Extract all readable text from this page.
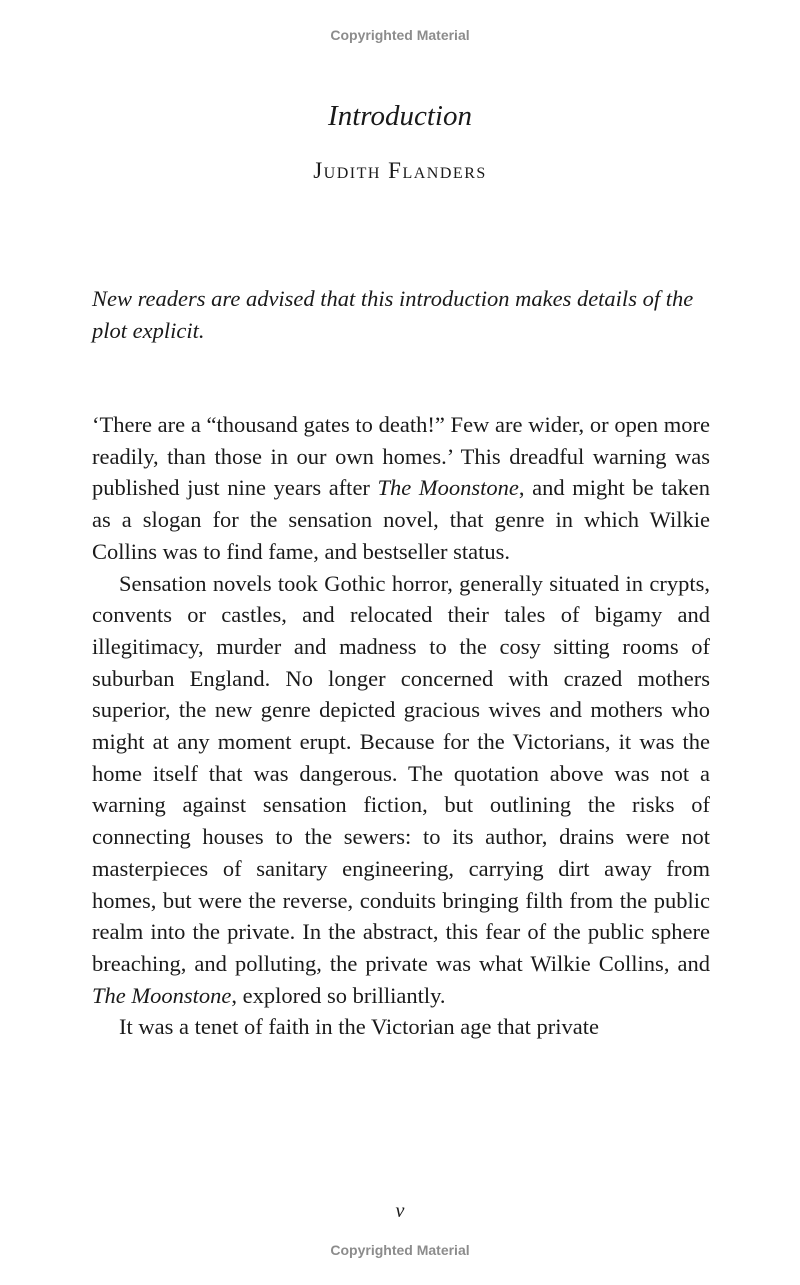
Copyrighted Material
Introduction
Judith Flanders

New readers are advised that this introduction makes details of the plot explicit.

‘There are a “thousand gates to death!” Few are wider, or open more readily, than those in our own homes.’ This dreadful warning was published just nine years after The Moonstone, and might be taken as a slogan for the sensation novel, that genre in which Wilkie Collins was to find fame, and bestseller status.

Sensation novels took Gothic horror, generally situated in crypts, convents or castles, and relocated their tales of bigamy and illegitimacy, murder and madness to the cosy sitting rooms of suburban England. No longer concerned with crazed mothers superior, the new genre depicted gracious wives and mothers who might at any moment erupt. Because for the Victorians, it was the home itself that was dangerous. The quotation above was not a warning against sensation fiction, but outlining the risks of connecting houses to the sewers: to its author, drains were not masterpieces of sanitary engineering, carrying dirt away from homes, but were the reverse, conduits bringing filth from the public realm into the private. In the abstract, this fear of the public sphere breaching, and polluting, the private was what Wilkie Collins, and The Moonstone, explored so brilliantly.

It was a tenet of faith in the Victorian age that private

v
Copyrighted Material
